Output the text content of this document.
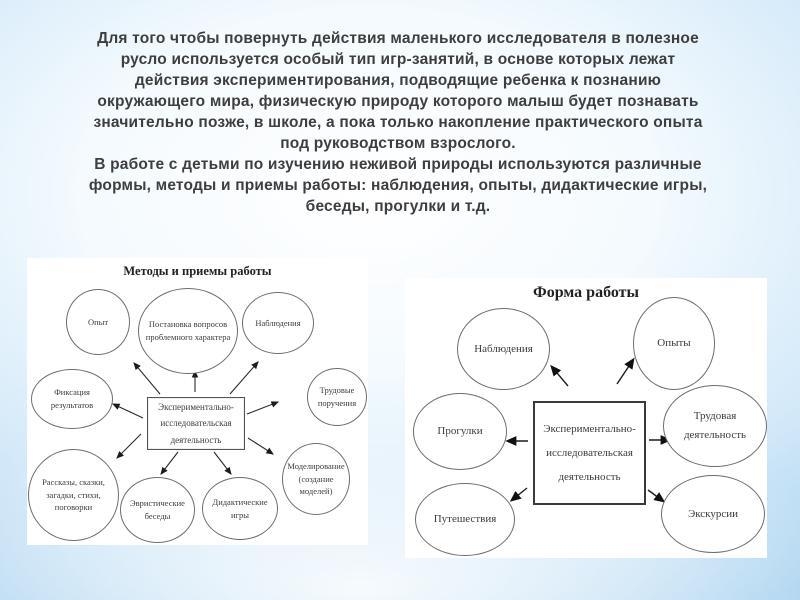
Для того чтобы повернуть действия маленького исследователя в полезное русло используется особый тип игр-занятий, в основе которых лежат действия экспериментирования, подводящие ребенка к познанию окружающего мира, физическую природу которого малыш будет познавать значительно позже, в школе, а пока только накопление практического опыта под руководством взрослого.

В работе с детьми по изучению неживой природы используются различные формы, методы и приемы работы: наблюдения, опыты, дидактические игры, беседы, прогулки и т.д.

Методы и приемы работы
Опыт	Постановка вопросов проблемного характера
Наблюдения
Фиксация результатов
Трудовые поручения
Рассказы, сказки, загадки, стихи, поговорки	Эвристические беседы
Дидактические игры
Моделирование (создание моделей)
Экспериментально-исследовательская деятельность
Форма работы
Наблюдения	Опыты
Прогулки
Трудовая деятельность
Путешествия	Экскурсии
Экспериментально-исследовательская деятельность
